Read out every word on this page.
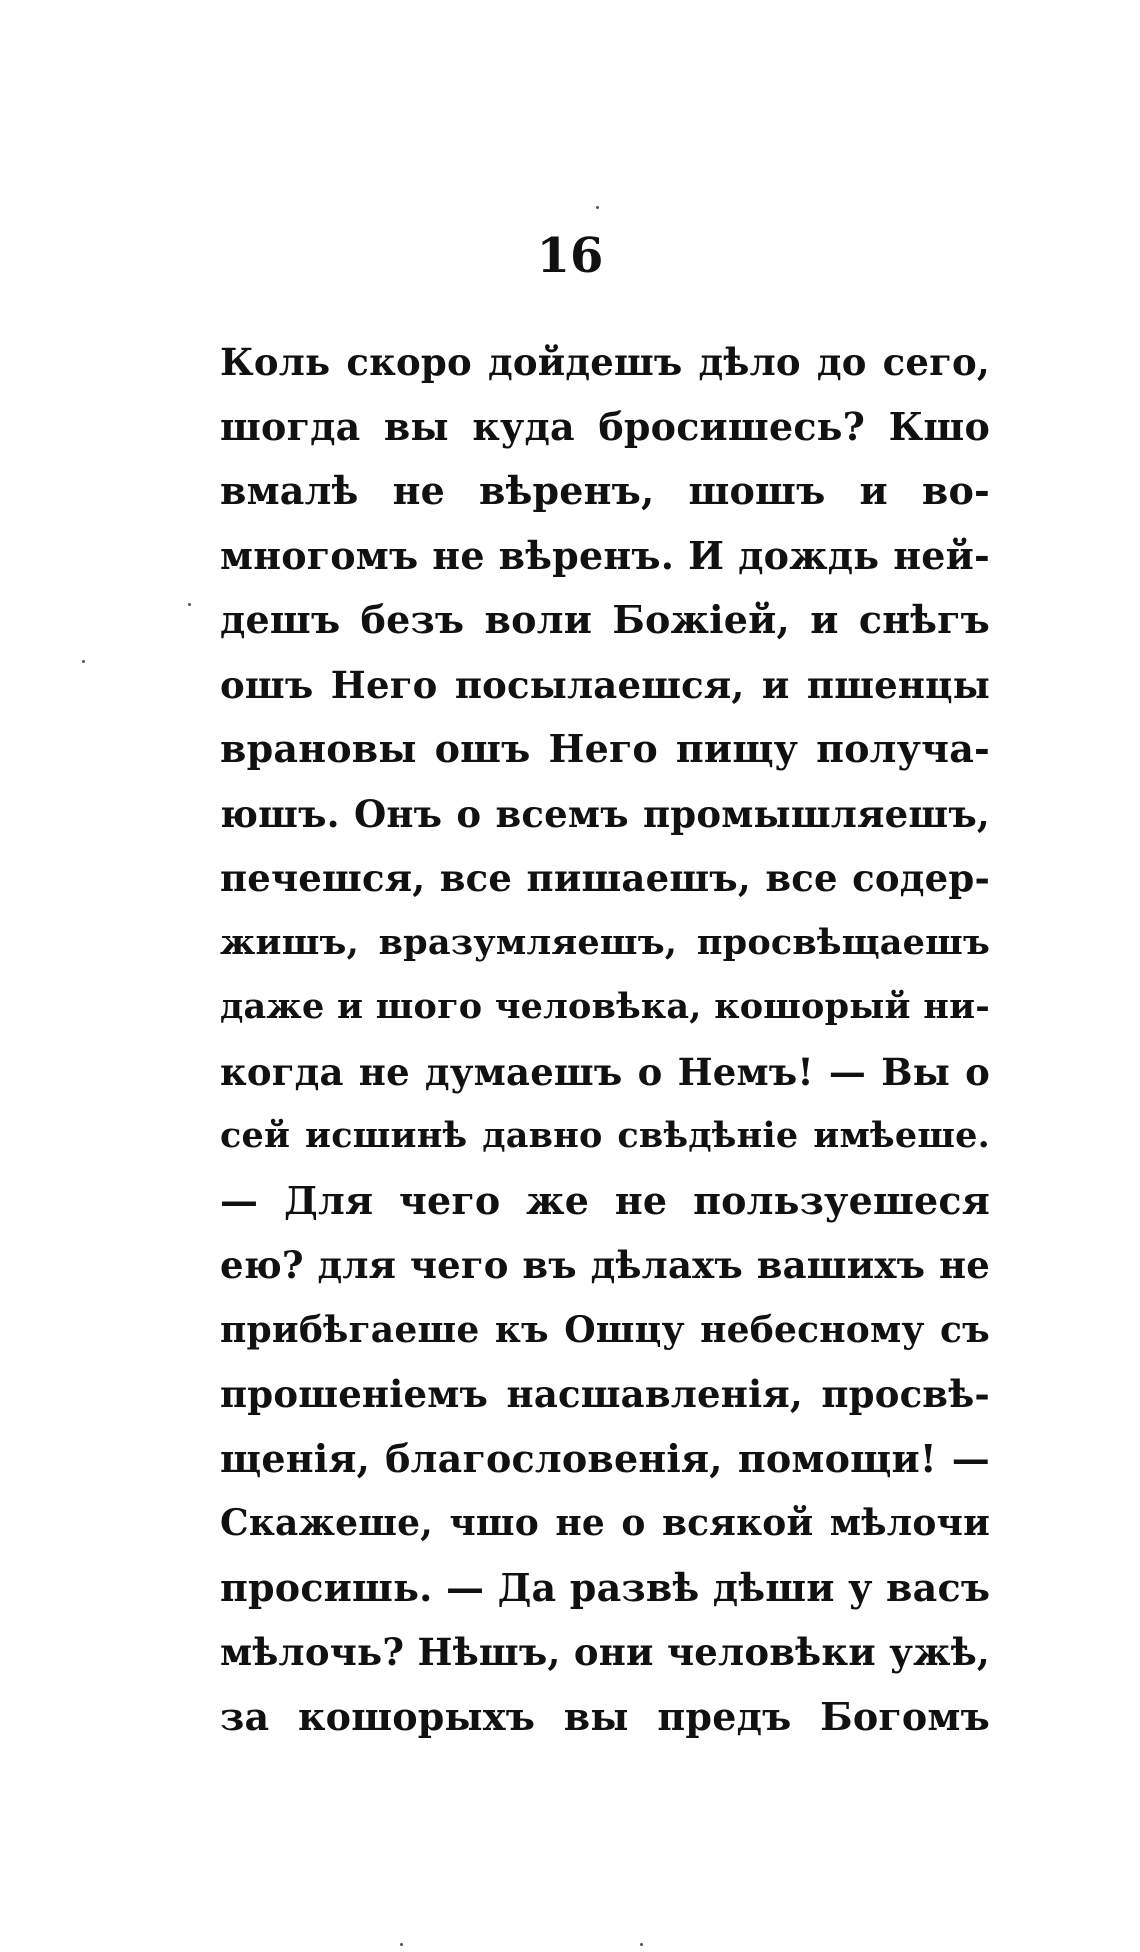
16
Коль скоро дойдешъ дѣло до сего,
шогда вы куда бросишесь? Кшо
вмалѣ не вѣренъ, шошъ и во-
многомъ не вѣренъ. И дождь ней-
дешъ безъ воли Божіей, и снѣгъ
ошъ Него посылаешся, и пшенцы
врановы ошъ Него пищу получа-
юшъ. Онъ о всемъ промышляешъ,
печешся, все пишаешъ, все содер-
жишъ, вразумляешъ, просвѣщаешъ
даже и шого человѣка, кошорый ни-
когда не думаешъ о Немъ! — Вы о
сей исшинѣ давно свѣдѣніе имѣеше.
— Для чего же не пользуешеся
ею? для чего въ дѣлахъ вашихъ не
прибѣгаеше къ Ошцу небесному съ
прошеніемъ насшавленія, просвѣ-
щенія, благословенія, помощи! —
Скажеше, чшо не о всякой мѣлочи
просишь. — Да развѣ дѣши у васъ
мѣлочь? Нѣшъ, они человѣки ужѣ,
за кошорыхъ вы предъ Богомъ
